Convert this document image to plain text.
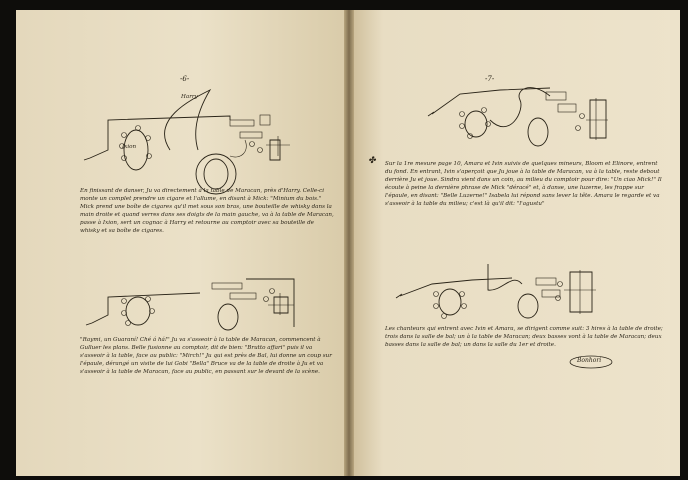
-6-
Harry
Ixion

En finissant de danser, Ju va directement à la table de Maracan, près d'Harry. Celle-ci monte un complet prendre un cigare et l'allume, en disant à Mick: "Minium du bois." Mick prend une boîte de cigares qu'il met sous son bras, une bouteille de whisky dans la main droite et quand verres dans ses doigts de la main gauche, va à la table de Maracan, passe à Ixion, sert un cognac à Harry et retourne au comptoir avec sa bouteille de whisky et sa boîte de cigares.

"Raymi, un Guaraní! Ché á há!" Ju va s'asseoir à la table de Maracan, commencent à Gulluer les plans. Belle fusionne au comptoir, dit de bien: "Brutto affari" puis il va s'asseoir à la table, face au public: "Mirch!" Ju qui est près de Bal, lui donne un coup sur l'épaule, dérangé un visite de lui Gobi "Bella" Bruce va de la table de droite à Ju et va s'asseoir à la table de Maracan, face au public, en passant sur le devant de la scène.

-7-
✤ Sur la 1re mesure page 10, Amara et Ivin suivis de quelques mineurs, Bloom et Elinore, entrent du fond. En entrant, Ivin s'aperçoit que Ju joue à la table de Maracan, va à la table, reste debout derrière Ju et joue. Sindra vient dans un coin, au milieu du comptoir pour dire: "Un ciao Mick!" Il écoute à peine la dernière phrase de Mick "déracé" et, à danse, une luzerne, les frappe sur l'épaule, en disant: "Belle Luzerne!" Isabela lui répond sans lever la tête. Amara le regarde et va s'asseoir à la table du milieu; c'est là qu'il dit: "l'agustu"

Les chanteurs qui entrent avec Ivin et Amara, se dirigent comme suit: 3 hires à la table de droite; trois dans la salle de bal; un à la table de Maracan; deux basses vont à la table de Maracan; deux basses dans la salle de bal; un dans la salle du 1er et droite.

Bonhori
